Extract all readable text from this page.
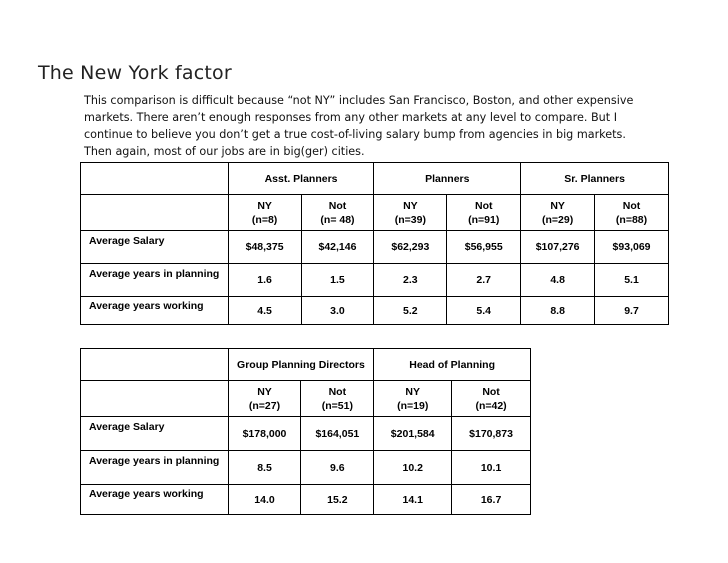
The New York factor

This comparison is difficult because “not NY” includes San Francisco, Boston, and other expensive

markets. There aren’t enough responses from any other markets at any level to compare. But I

continue to believe you don’t get a true cost-of-living salary bump from agencies in big markets.

Then again, most of our jobs are in big(ger) cities.

	Asst. Planners		Planners		Sr. Planners	

	NY
(n=8)	Not
(n= 48)	NY
(n=39)	Not
(n=91)	NY
(n=29)	Not
(n=88)

Average Salary	$48,375	$42,146	$62,293	$56,955	$107,276	$93,069
Average years in planning	1.6	1.5	2.3	2.7	4.8	5.1
Average years working	4.5	3.0	5.2	5.4	8.8	9.7
	Group Planning Directors		Head of Planning	

	NY
(n=27)	Not
(n=51)	NY
(n=19)	Not
(n=42)

Average Salary	$178,000	$164,051	$201,584	$170,873
Average years in planning	8.5	9.6	10.2	10.1
Average years working	14.0	15.2	14.1	16.7
